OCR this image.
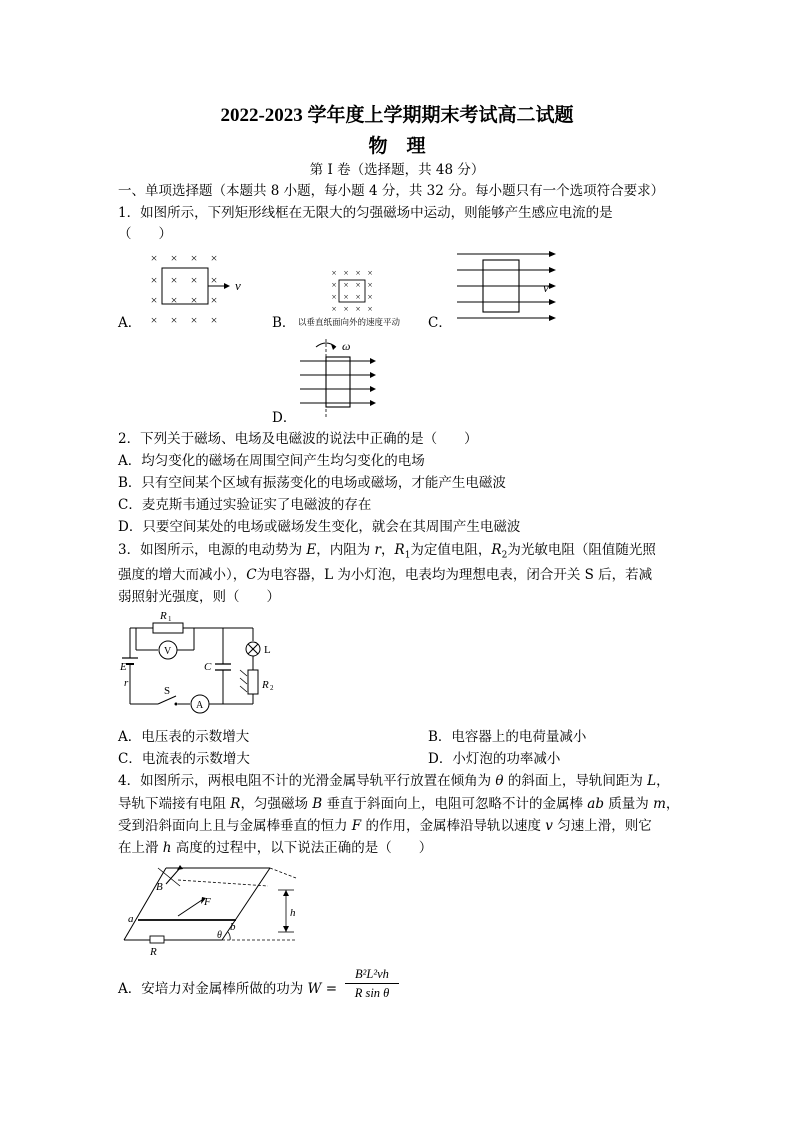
2022-2023 学年度上学期期末考试高二试题
物　理
第 I 卷（选择题，共 48 分）
一、单项选择题（本题共 8 小题，每小题 4 分，共 32 分。每小题只有一个选项符合要求）
1．如图所示，下列矩形线框在无限大的匀强磁场中运动，则能够产生感应电流的是
（　　）
A．	B．	C．
D．
× × × ×
× × × ×
× × × ×
× × × ×
v
× × × ×
× × × ×
× × × ×
× × × ×
以垂直纸面向外的速度平动
v
ω
2．下列关于磁场、电场及电磁波的说法中正确的是（　　）
A．均匀变化的磁场在周围空间产生均匀变化的电场
B．只有空间某个区域有振荡变化的电场或磁场，才能产生电磁波
C．麦克斯韦通过实验证实了电磁波的存在
D．只要空间某处的电场或磁场发生变化，就会在其周围产生电磁波
3．如图所示，电源的电动势为 E，内阻为 r，$R_1$为定值电阻，$R_2$为光敏电阻（阻值随光照
强度的增大而减小），C为电容器，L 为小灯泡，电表均为理想电表，闭合开关 S 后，若减
弱照射光强度，则（　　）
R 1
V
A
L
R 2
C
E
r
S
A．电压表的示数增大	B．电容器上的电荷量减小
C．电流表的示数增大	D．小灯泡的功率减小
4．如图所示，两根电阻不计的光滑金属导轨平行放置在倾角为 θ 的斜面上，导轨间距为 L，
导轨下端接有电阻 R，匀强磁场 B 垂直于斜面向上，电阻可忽略不计的金属棒 ab 质量为 m，
受到沿斜面向上且与金属棒垂直的恒力 F 的作用，金属棒沿导轨以速度 v 匀速上滑，则它
在上滑 h 高度的过程中，以下说法正确的是（　　）
B
F
a
b
h
R
θ
A．安培力对金属棒所做的功为 W =
B²L²vh
R sin θ
